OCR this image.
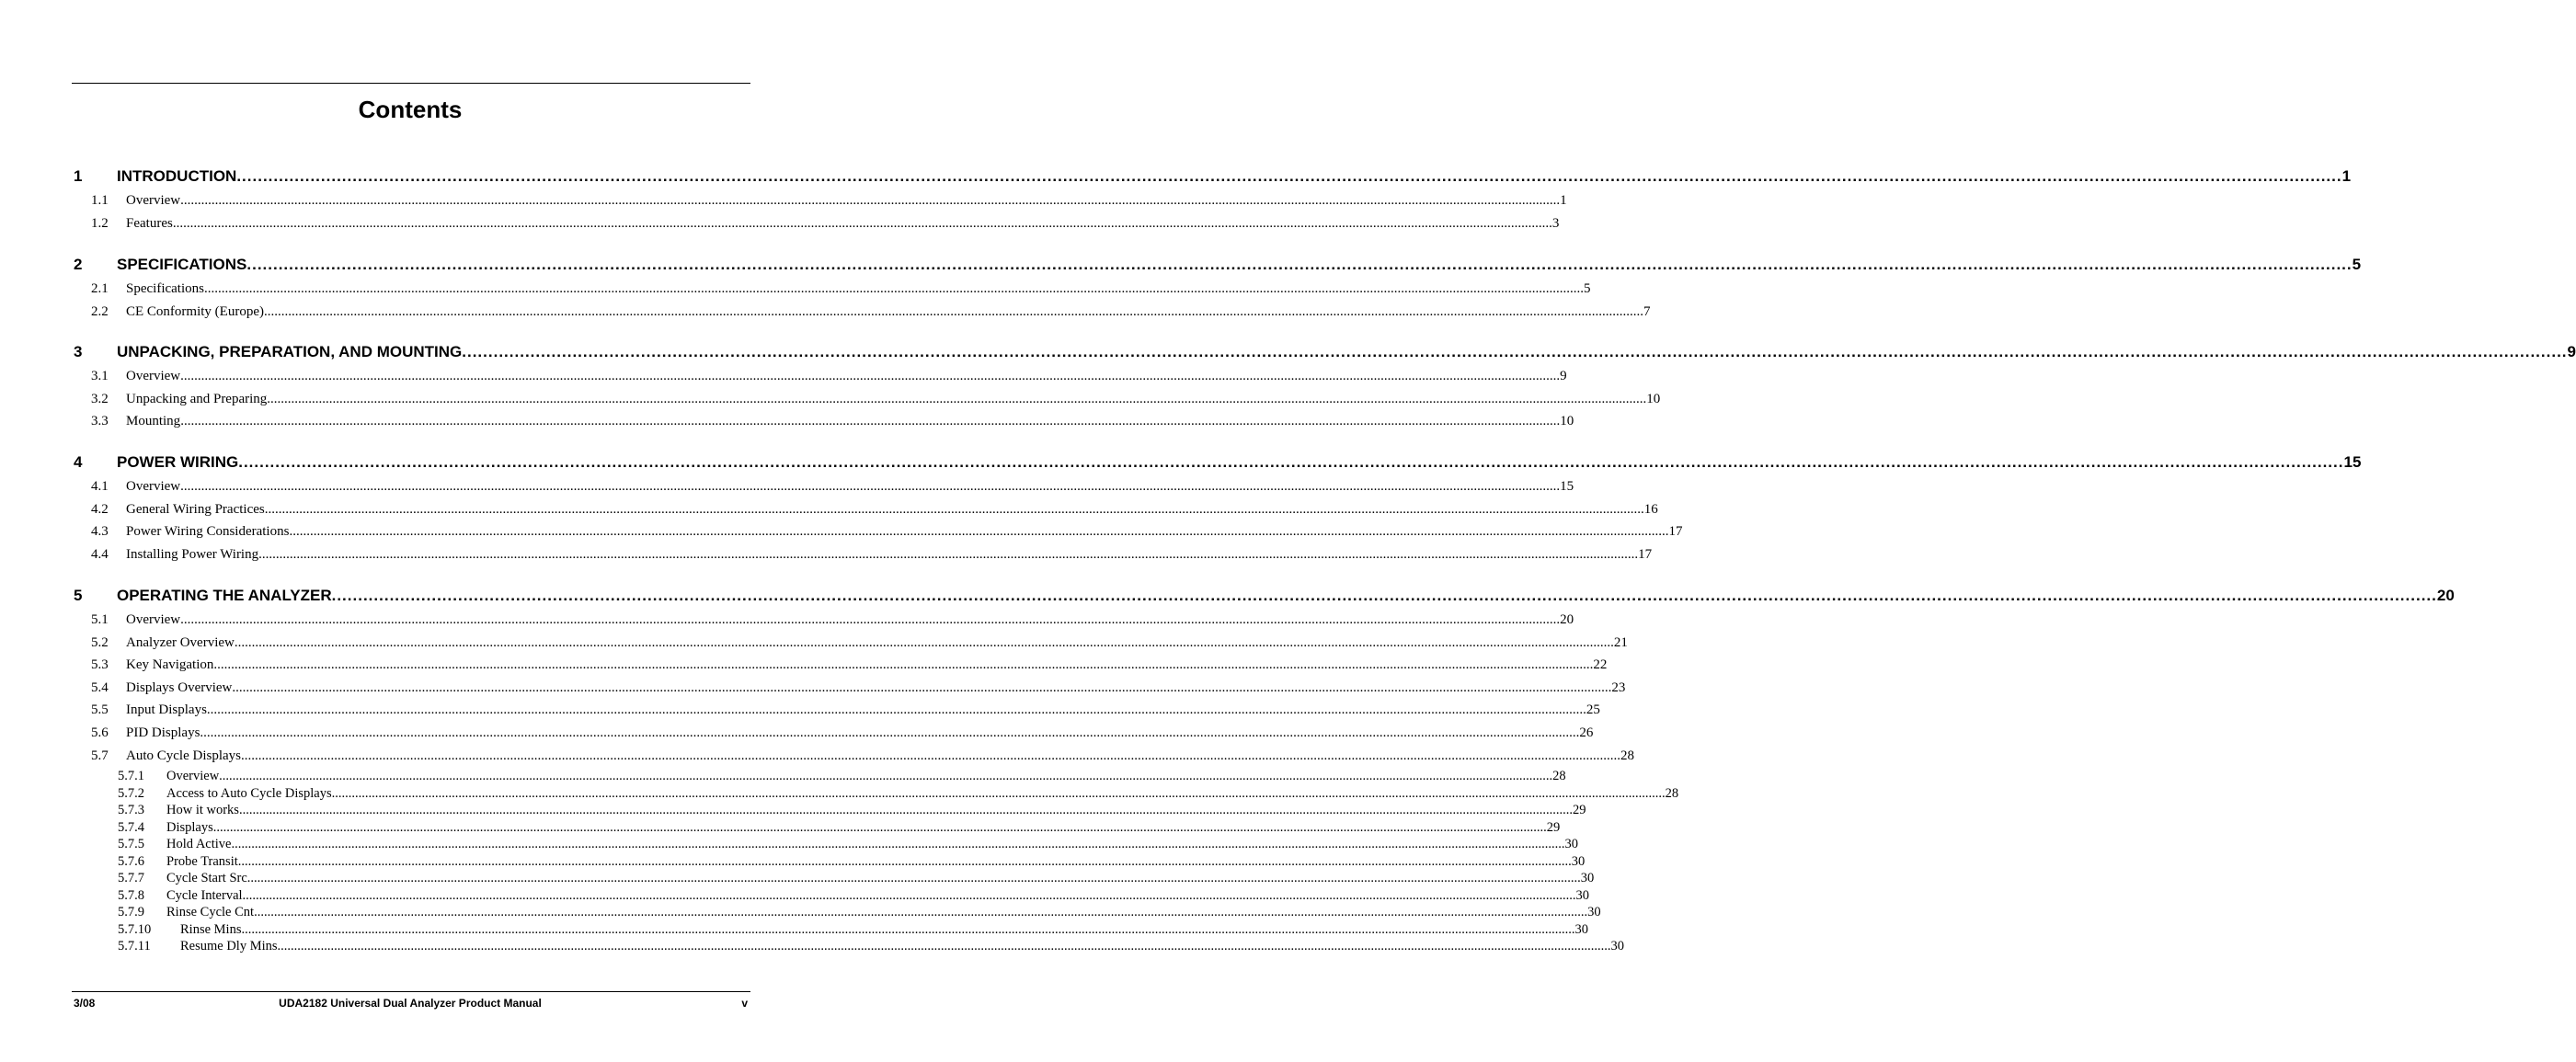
Contents
1	INTRODUCTION ................................................................................................................................................................................................................................................................................................................................................................................................................ 1
1.1	Overview ................................................................................................................................................................................................................................................................................................................................................................................................................ 1
1.2	Features ................................................................................................................................................................................................................................................................................................................................................................................................................ 3
2	SPECIFICATIONS ................................................................................................................................................................................................................................................................................................................................................................................................................ 5
2.1	Specifications ................................................................................................................................................................................................................................................................................................................................................................................................................ 5
2.2	CE Conformity (Europe) ................................................................................................................................................................................................................................................................................................................................................................................................................ 7
3	UNPACKING, PREPARATION, AND MOUNTING ................................................................................................................................................................................................................................................................................................................................................................................................................ 9
3.1	Overview ................................................................................................................................................................................................................................................................................................................................................................................................................ 9
3.2	Unpacking and Preparing ................................................................................................................................................................................................................................................................................................................................................................................................................ 10
3.3	Mounting ................................................................................................................................................................................................................................................................................................................................................................................................................ 10
4	POWER WIRING ................................................................................................................................................................................................................................................................................................................................................................................................................ 15
4.1	Overview ................................................................................................................................................................................................................................................................................................................................................................................................................ 15
4.2	General Wiring Practices ................................................................................................................................................................................................................................................................................................................................................................................................................ 16
4.3	Power Wiring Considerations ................................................................................................................................................................................................................................................................................................................................................................................................................ 17
4.4	Installing Power Wiring ................................................................................................................................................................................................................................................................................................................................................................................................................ 17
5	OPERATING THE ANALYZER ................................................................................................................................................................................................................................................................................................................................................................................................................ 20
5.1	Overview ................................................................................................................................................................................................................................................................................................................................................................................................................ 20
5.2	Analyzer Overview ................................................................................................................................................................................................................................................................................................................................................................................................................ 21
5.3	Key Navigation ................................................................................................................................................................................................................................................................................................................................................................................................................ 22
5.4	Displays Overview ................................................................................................................................................................................................................................................................................................................................................................................................................ 23
5.5	Input Displays ................................................................................................................................................................................................................................................................................................................................................................................................................ 25
5.6	PID Displays ................................................................................................................................................................................................................................................................................................................................................................................................................ 26
5.7	Auto Cycle Displays ................................................................................................................................................................................................................................................................................................................................................................................................................ 28
5.7.1	Overview ................................................................................................................................................................................................................................................................................................................................................................................................................ 28
5.7.2	Access to Auto Cycle Displays ................................................................................................................................................................................................................................................................................................................................................................................................................ 28
5.7.3	How it works ................................................................................................................................................................................................................................................................................................................................................................................................................ 29
5.7.4	Displays ................................................................................................................................................................................................................................................................................................................................................................................................................ 29
5.7.5	Hold Active ................................................................................................................................................................................................................................................................................................................................................................................................................ 30
5.7.6	Probe Transit ................................................................................................................................................................................................................................................................................................................................................................................................................ 30
5.7.7	Cycle Start Src ................................................................................................................................................................................................................................................................................................................................................................................................................ 30
5.7.8	Cycle Interval ................................................................................................................................................................................................................................................................................................................................................................................................................ 30
5.7.9	Rinse Cycle Cnt ................................................................................................................................................................................................................................................................................................................................................................................................................ 30
5.7.10	Rinse Mins ................................................................................................................................................................................................................................................................................................................................................................................................................ 30
5.7.11	Resume Dly Mins ................................................................................................................................................................................................................................................................................................................................................................................................................ 30
3/08	UDA2182 Universal Dual Analyzer Product Manual	v
